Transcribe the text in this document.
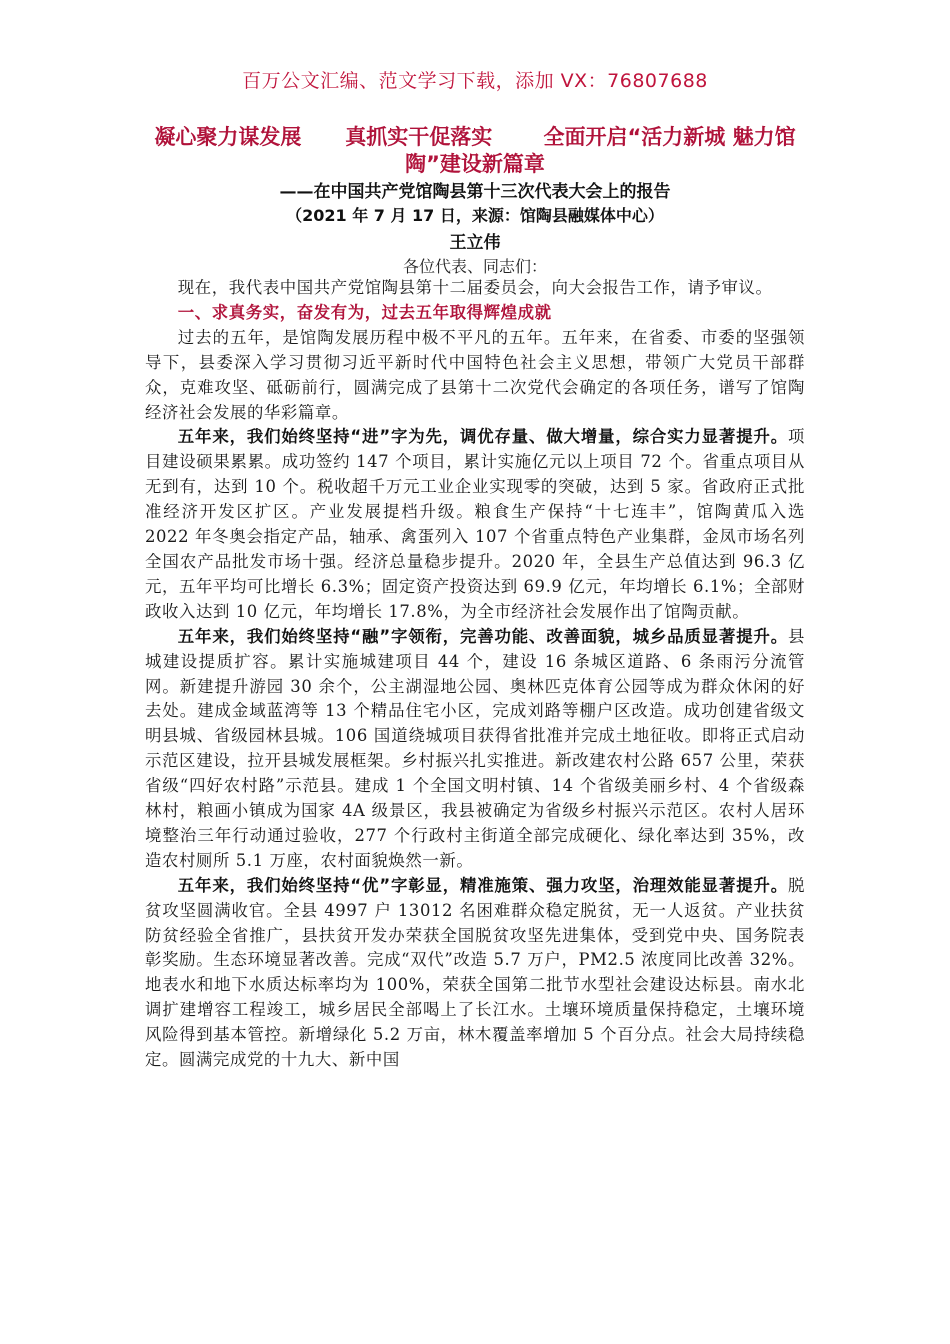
百万公文汇编、范文学习下载，添加 VX：76807688
凝心聚力谋发展      真抓实干促落实       全面开启“活力新城 魅力馆陶”建设新篇章
——在中国共产党馆陶县第十三次代表大会上的报告
（2021 年 7 月 17 日，来源：馆陶县融媒体中心）
王立伟
各位代表、同志们：

现在，我代表中国共产党馆陶县第十二届委员会，向大会报告工作，请予审议。

一、求真务实，奋发有为，过去五年取得辉煌成就

过去的五年，是馆陶发展历程中极不平凡的五年。五年来，在省委、市委的坚强领导下，县委深入学习贯彻习近平新时代中国特色社会主义思想，带领广大党员干部群众，克难攻坚、砥砺前行，圆满完成了县第十二次党代会确定的各项任务，谱写了馆陶经济社会发展的华彩篇章。

五年来，我们始终坚持“进”字为先，调优存量、做大增量，综合实力显著提升。项目建设硕果累累。成功签约 147 个项目，累计实施亿元以上项目 72 个。省重点项目从无到有，达到 10 个。税收超千万元工业企业实现零的突破，达到 5 家。省政府正式批准经济开发区扩区。产业发展提档升级。粮食生产保持“十七连丰”，馆陶黄瓜入选 2022 年冬奥会指定产品，轴承、禽蛋列入 107 个省重点特色产业集群，金凤市场名列全国农产品批发市场十强。经济总量稳步提升。2020 年，全县生产总值达到 96.3 亿元，五年平均可比增长 6.3%；固定资产投资达到 69.9 亿元，年均增长 6.1%；全部财政收入达到 10 亿元，年均增长 17.8%，为全市经济社会发展作出了馆陶贡献。

五年来，我们始终坚持“融”字领衔，完善功能、改善面貌，城乡品质显著提升。县城建设提质扩容。累计实施城建项目 44 个，建设 16 条城区道路、6 条雨污分流管网。新建提升游园 30 余个，公主湖湿地公园、奥林匹克体育公园等成为群众休闲的好去处。建成金域蓝湾等 13 个精品住宅小区，完成刘路等棚户区改造。成功创建省级文明县城、省级园林县城。106 国道绕城项目获得省批准并完成土地征收。即将正式启动示范区建设，拉开县城发展框架。乡村振兴扎实推进。新改建农村公路 657 公里，荣获省级“四好农村路”示范县。建成 1 个全国文明村镇、14 个省级美丽乡村、4 个省级森林村，粮画小镇成为国家 4A 级景区，我县被确定为省级乡村振兴示范区。农村人居环境整治三年行动通过验收，277 个行政村主街道全部完成硬化、绿化率达到 35%，改造农村厕所 5.1 万座，农村面貌焕然一新。

五年来，我们始终坚持“优”字彰显，精准施策、强力攻坚，治理效能显著提升。脱贫攻坚圆满收官。全县 4997 户 13012 名困难群众稳定脱贫，无一人返贫。产业扶贫防贫经验全省推广，县扶贫开发办荣获全国脱贫攻坚先进集体，受到党中央、国务院表彰奖励。生态环境显著改善。完成“双代”改造 5.7 万户，PM2.5 浓度同比改善 32%。地表水和地下水质达标率均为 100%，荣获全国第二批节水型社会建设达标县。南水北调扩建增容工程竣工，城乡居民全部喝上了长江水。土壤环境质量保持稳定，土壤环境风险得到基本管控。新增绿化 5.2 万亩，林木覆盖率增加 5 个百分点。社会大局持续稳定。圆满完成党的十九大、新中国
